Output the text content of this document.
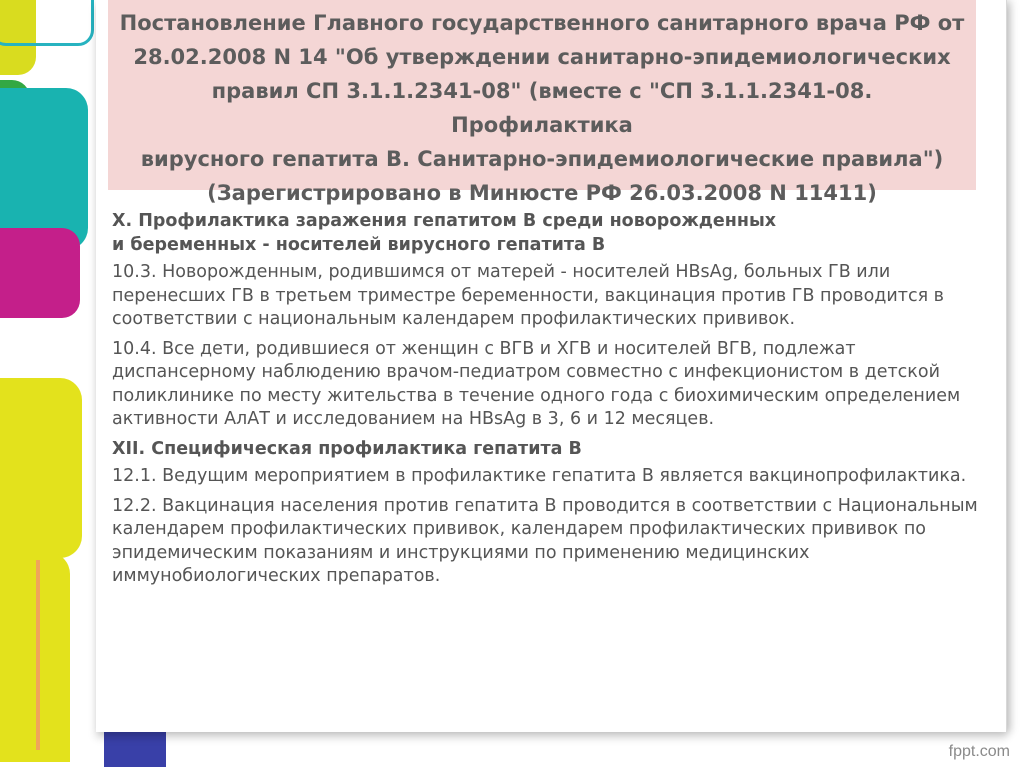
Постановление Главного государственного санитарного врача РФ от

28.02.2008 N 14 "Об утверждении санитарно-эпидемиологических

правил СП 3.1.1.2341-08" (вместе с "СП 3.1.1.2341-08. Профилактика

вирусного гепатита В. Санитарно-эпидемиологические правила")

(Зарегистрировано в Минюсте РФ 26.03.2008 N 11411)

X. Профилактика заражения гепатитом В среди новорожденных
и беременных - носителей вирусного гепатита В

10.3. Новорожденным, родившимся от матерей - носителей HBsAg, больных ГВ или перенесших ГВ в третьем триместре беременности, вакцинация против ГВ проводится в соответствии с национальным календарем профилактических прививок.

10.4. Все дети, родившиеся от женщин с ВГВ и ХГВ и носителей ВГВ, подлежат диспансерному наблюдению врачом-педиатром совместно с инфекционистом в детской поликлинике по месту жительства в течение одного года с биохимическим определением активности АлАТ и исследованием на HBsAg в 3, 6 и 12 месяцев.

XII. Специфическая профилактика гепатита В

12.1. Ведущим мероприятием в профилактике гепатита В является вакцинопрофилактика.

12.2. Вакцинация населения против гепатита В проводится в соответствии с Национальным календарем профилактических прививок, календарем профилактических прививок по эпидемическим показаниям и инструкциями по применению медицинских иммунобиологических препаратов.

fppt.com
